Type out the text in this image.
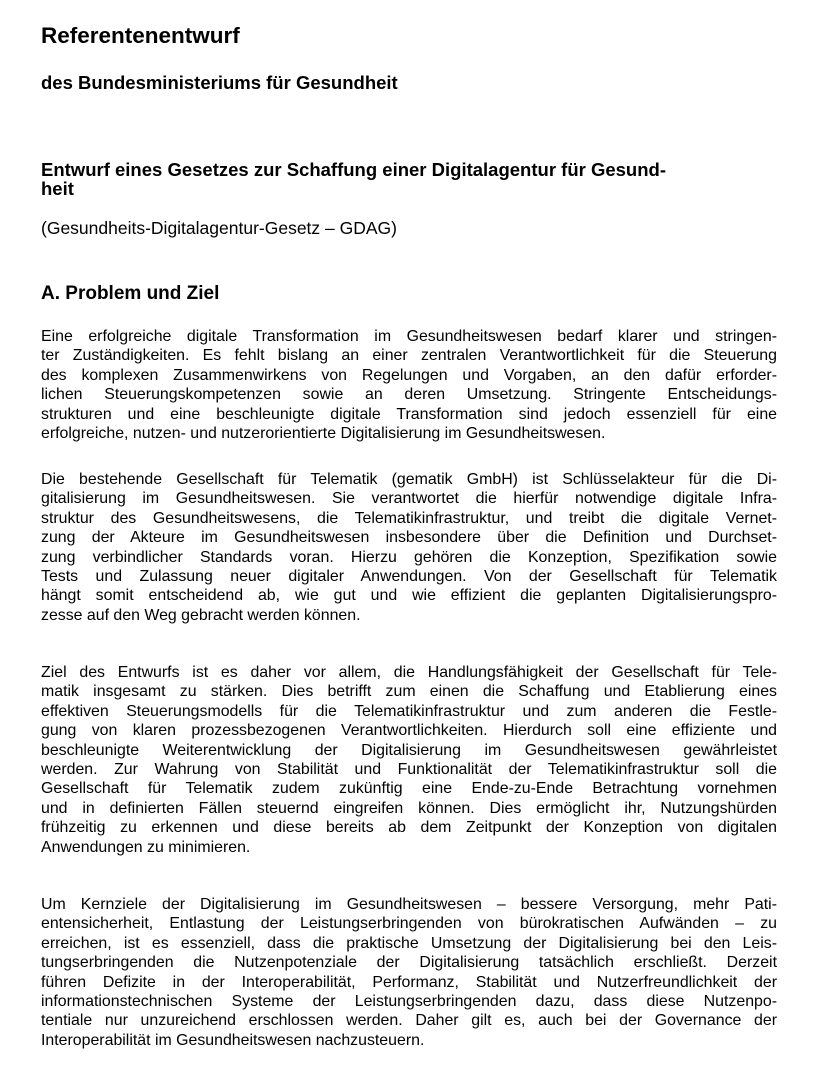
Referentenentwurf
des Bundesministeriums für Gesundheit
Entwurf eines Gesetzes zur Schaffung einer Digitalagentur für Gesund-
heit

(Gesundheits-Digitalagentur-Gesetz – GDAG)

A. Problem und Ziel
Eine erfolgreiche digitale Transformation im Gesundheitswesen bedarf klarer und stringen-
ter Zuständigkeiten. Es fehlt bislang an einer zentralen Verantwortlichkeit für die Steuerung
des komplexen Zusammenwirkens von Regelungen und Vorgaben, an den dafür erforder-
lichen Steuerungskompetenzen sowie an deren Umsetzung. Stringente Entscheidungs-
strukturen und eine beschleunigte digitale Transformation sind jedoch essenziell für eine
erfolgreiche, nutzen- und nutzerorientierte Digitalisierung im Gesundheitswesen.
Die bestehende Gesellschaft für Telematik (gematik GmbH) ist Schlüsselakteur für die Di-
gitalisierung im Gesundheitswesen. Sie verantwortet die hierfür notwendige digitale Infra-
struktur des Gesundheitswesens, die Telematikinfrastruktur, und treibt die digitale Vernet-
zung der Akteure im Gesundheitswesen insbesondere über die Definition und Durchset-
zung verbindlicher Standards voran. Hierzu gehören die Konzeption, Spezifikation sowie
Tests und Zulassung neuer digitaler Anwendungen. Von der Gesellschaft für Telematik
hängt somit entscheidend ab, wie gut und wie effizient die geplanten Digitalisierungspro-
zesse auf den Weg gebracht werden können.
Ziel des Entwurfs ist es daher vor allem, die Handlungsfähigkeit der Gesellschaft für Tele-
matik insgesamt zu stärken. Dies betrifft zum einen die Schaffung und Etablierung eines
effektiven Steuerungsmodells für die Telematikinfrastruktur und zum anderen die Festle-
gung von klaren prozessbezogenen Verantwortlichkeiten. Hierdurch soll eine effiziente und
beschleunigte Weiterentwicklung der Digitalisierung im Gesundheitswesen gewährleistet
werden. Zur Wahrung von Stabilität und Funktionalität der Telematikinfrastruktur soll die
Gesellschaft für Telematik zudem zukünftig eine Ende-zu-Ende Betrachtung vornehmen
und in definierten Fällen steuernd eingreifen können. Dies ermöglicht ihr, Nutzungshürden
frühzeitig zu erkennen und diese bereits ab dem Zeitpunkt der Konzeption von digitalen
Anwendungen zu minimieren.
Um Kernziele der Digitalisierung im Gesundheitswesen – bessere Versorgung, mehr Pati-
entensicherheit, Entlastung der Leistungserbringenden von bürokratischen Aufwänden – zu
erreichen, ist es essenziell, dass die praktische Umsetzung der Digitalisierung bei den Leis-
tungserbringenden die Nutzenpotenziale der Digitalisierung tatsächlich erschließt. Derzeit
führen Defizite in der Interoperabilität, Performanz, Stabilität und Nutzerfreundlichkeit der
informationstechnischen Systeme der Leistungserbringenden dazu, dass diese Nutzenpo-
tentiale nur unzureichend erschlossen werden. Daher gilt es, auch bei der Governance der
Interoperabilität im Gesundheitswesen nachzusteuern.
